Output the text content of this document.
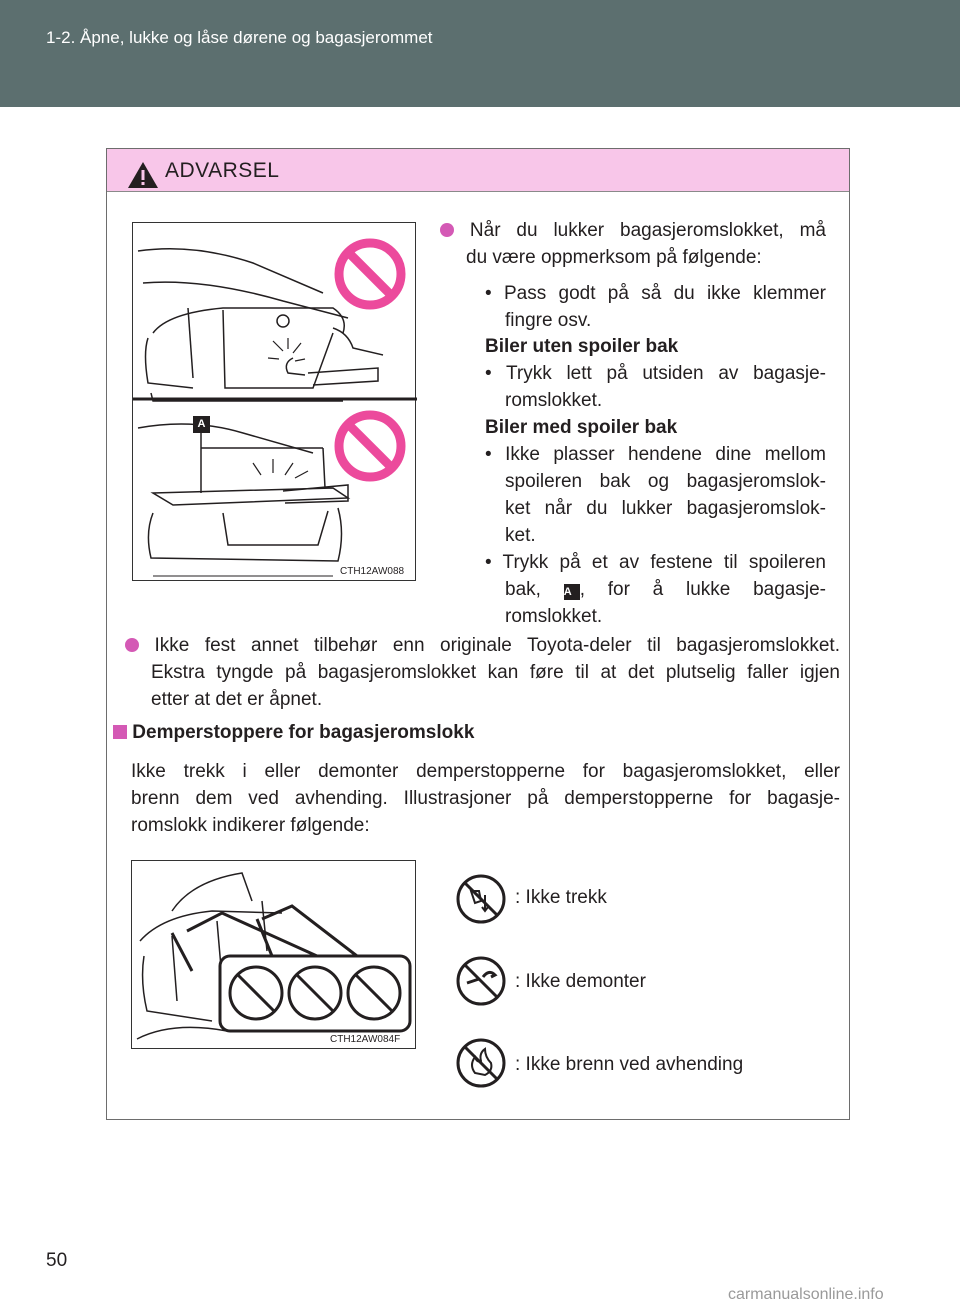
1-2. Åpne, lukke og låse dørene og bagasjerommet
ADVARSEL
A
CTH12AW088
Når du lukker bagasjeromslokket, må
du være oppmerksom på følgende:
• Pass godt på så du ikke klemmer
fingre osv.
Biler uten spoiler bak
• Trykk lett på utsiden av bagasje-
romslokket.
Biler med spoiler bak
• Ikke plasser hendene dine mellom
spoileren bak og bagasjeromslok-
ket når du lukker bagasjeromslok-
ket.
• Trykk på et av festene til spoileren
bak, A , for å lukke bagasje-
romslokket.
Ikke fest annet tilbehør enn originale Toyota-deler til bagasjeromslokket.
Ekstra tyngde på bagasjeromslokket kan føre til at det plutselig faller igjen
etter at det er åpnet.
Demperstoppere for bagasjeromslokk
Ikke trekk i eller demonter demperstopperne for bagasjeromslokket, eller
brenn dem ved avhending. Illustrasjoner på demperstopperne for bagasje-
romslokk indikerer følgende:
CTH12AW084F
: Ikke trekk
: Ikke demonter
: Ikke brenn ved avhending
50
carmanualsonline.info
